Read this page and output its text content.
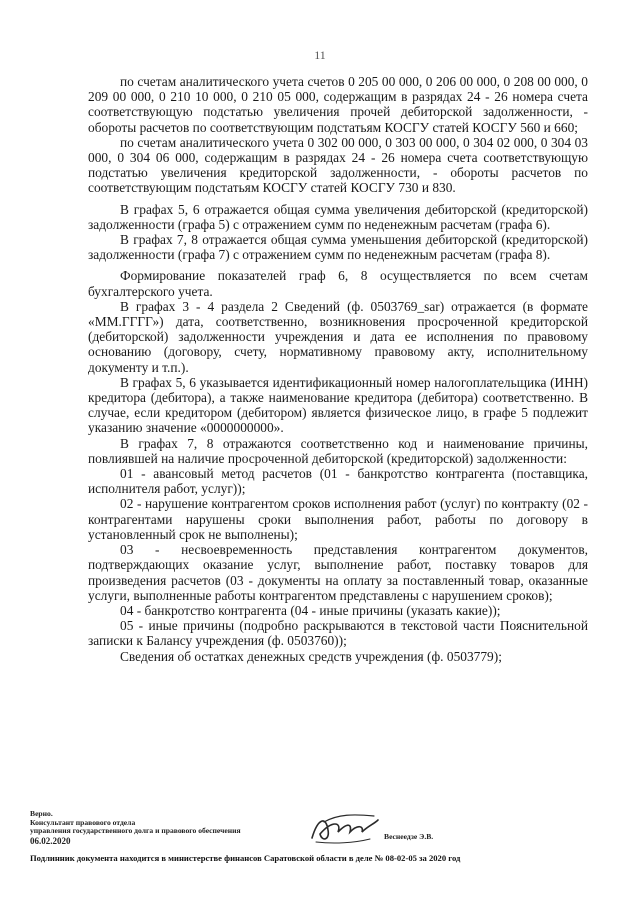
11

по счетам аналитического учета счетов 0 205 00 000, 0 206 00 000, 0 208 00 000, 0 209 00 000, 0 210 10 000, 0 210 05 000, содержащим в разрядах 24 - 26 номера счета соответствующую подстатью увеличения прочей дебиторской задолженности, - обороты расчетов по соответствующим подстатьям КОСГУ статей КОСГУ 560 и 660;

по счетам аналитического учета 0 302 00 000, 0 303 00 000, 0 304 02 000, 0 304 03 000, 0 304 06 000, содержащим в разрядах 24 - 26 номера счета соответствующую подстатью увеличения кредиторской задолженности, - обороты расчетов по соответствующим подстатьям КОСГУ статей КОСГУ 730 и 830.

В графах 5, 6 отражается общая сумма увеличения дебиторской (кредиторской) задолженности (графа 5) с отражением сумм по неденежным расчетам (графа 6).

В графах 7, 8 отражается общая сумма уменьшения дебиторской (кредиторской) задолженности (графа 7) с отражением сумм по неденежным расчетам (графа 8).

Формирование показателей граф 6, 8 осуществляется по всем счетам бухгалтерского учета.

В графах 3 - 4 раздела 2 Сведений (ф. 0503769_sar) отражается (в формате «ММ.ГГГГ») дата, соответственно, возникновения просроченной кредиторской (дебиторской) задолженности учреждения и дата ее исполнения по правовому основанию (договору, счету, нормативному правовому акту, исполнительному документу и т.п.).

В графах 5, 6 указывается идентификационный номер налогоплательщика (ИНН) кредитора (дебитора), а также наименование кредитора (дебитора) соответственно. В случае, если кредитором (дебитором) является физическое лицо, в графе 5 подлежит указанию значение «0000000000».

В графах 7, 8 отражаются соответственно код и наименование причины, повлиявшей на наличие просроченной дебиторской (кредиторской) задолженности:

01 - авансовый метод расчетов (01 - банкротство контрагента (поставщика, исполнителя работ, услуг));

02 - нарушение контрагентом сроков исполнения работ (услуг) по контракту (02 - контрагентами нарушены сроки выполнения работ, работы по договору в установленный срок не выполнены);

03 - несвоевременность представления контрагентом документов, подтверждающих оказание услуг, выполнение работ, поставку товаров для произведения расчетов (03 - документы на оплату за поставленный товар, оказанные услуги, выполненные работы контрагентом представлены с нарушением сроков);

04 - банкротство контрагента (04 - иные причины (указать какие));

05 - иные причины (подробно раскрываются в текстовой части Пояснительной записки к Балансу учреждения (ф. 0503760));

Сведения об остатках денежных средств учреждения (ф. 0503779);

Верно.
Консультант правового отдела
управления государственного долга и правового обеспечения
06.02.2020	Веснеедзе Э.В.
Подлинник документа находится в министерстве финансов Саратовской области в деле № 08-02-05 за 2020 год
